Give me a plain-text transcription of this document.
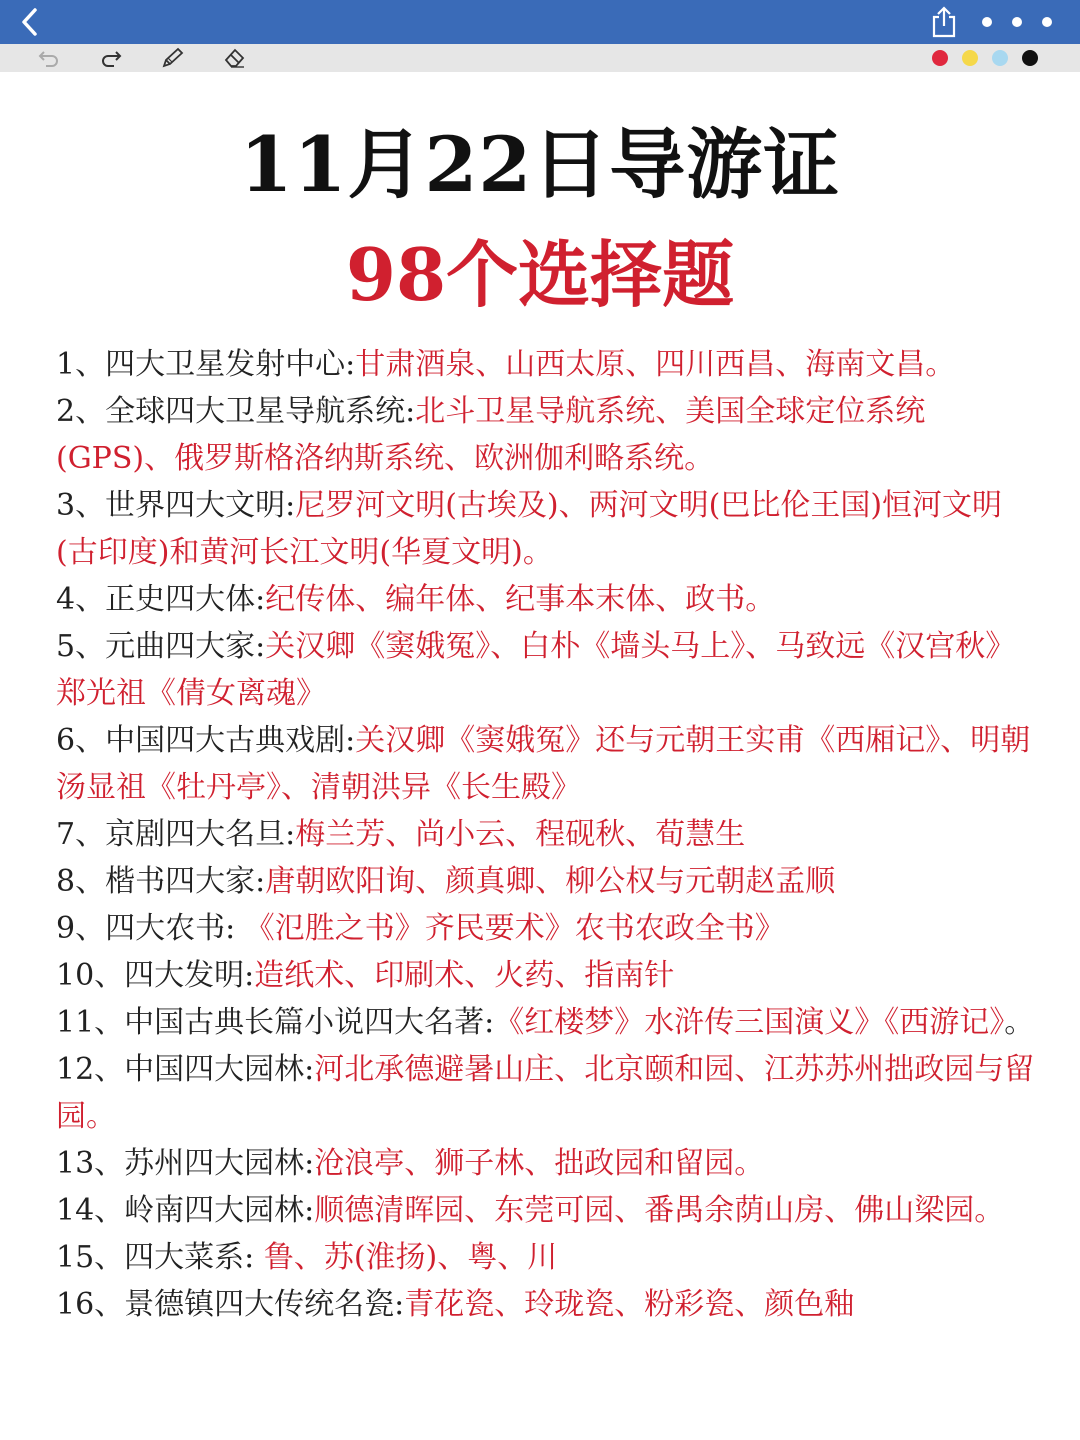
11月22日导游证
98个选择题

1、四大卫星发射中心:甘肃酒泉、山西太原、四川西昌、海南文昌。

2、全球四大卫星导航系统:北斗卫星导航系统、美国全球定位系统(GPS)、俄罗斯格洛纳斯系统、欧洲伽利略系统。

3、世界四大文明:尼罗河文明(古埃及)、两河文明(巴比伦王国)恒河文明(古印度)和黄河长江文明(华夏文明)。

4、正史四大体:纪传体、编年体、纪事本末体、政书。

5、元曲四大家:关汉卿《窦娥冤》、白朴《墙头马上》、马致远《汉宫秋》郑光祖《倩女离魂》

6、中国四大古典戏剧:关汉卿《窦娥冤》还与元朝王实甫《西厢记》、明朝汤显祖《牡丹亭》、清朝洪异《长生殿》

7、京剧四大名旦:梅兰芳、尚小云、程砚秋、荀慧生

8、楷书四大家:唐朝欧阳询、颜真卿、柳公权与元朝赵孟顺

9、四大农书: 《氾胜之书》齐民要术》农书农政全书》

10、四大发明:造纸术、印刷术、火药、指南针

11、中国古典长篇小说四大名著:《红楼梦》水浒传三国演义》《西游记》。

12、中国四大园林:河北承德避暑山庄、北京颐和园、江苏苏州拙政园与留园。

13、苏州四大园林:沧浪亭、狮子林、拙政园和留园。

14、岭南四大园林:顺德清晖园、东莞可园、番禺余荫山房、佛山梁园。

15、四大菜系: 鲁、苏(淮扬)、粤、川

16、景德镇四大传统名瓷:青花瓷、玲珑瓷、粉彩瓷、颜色釉
